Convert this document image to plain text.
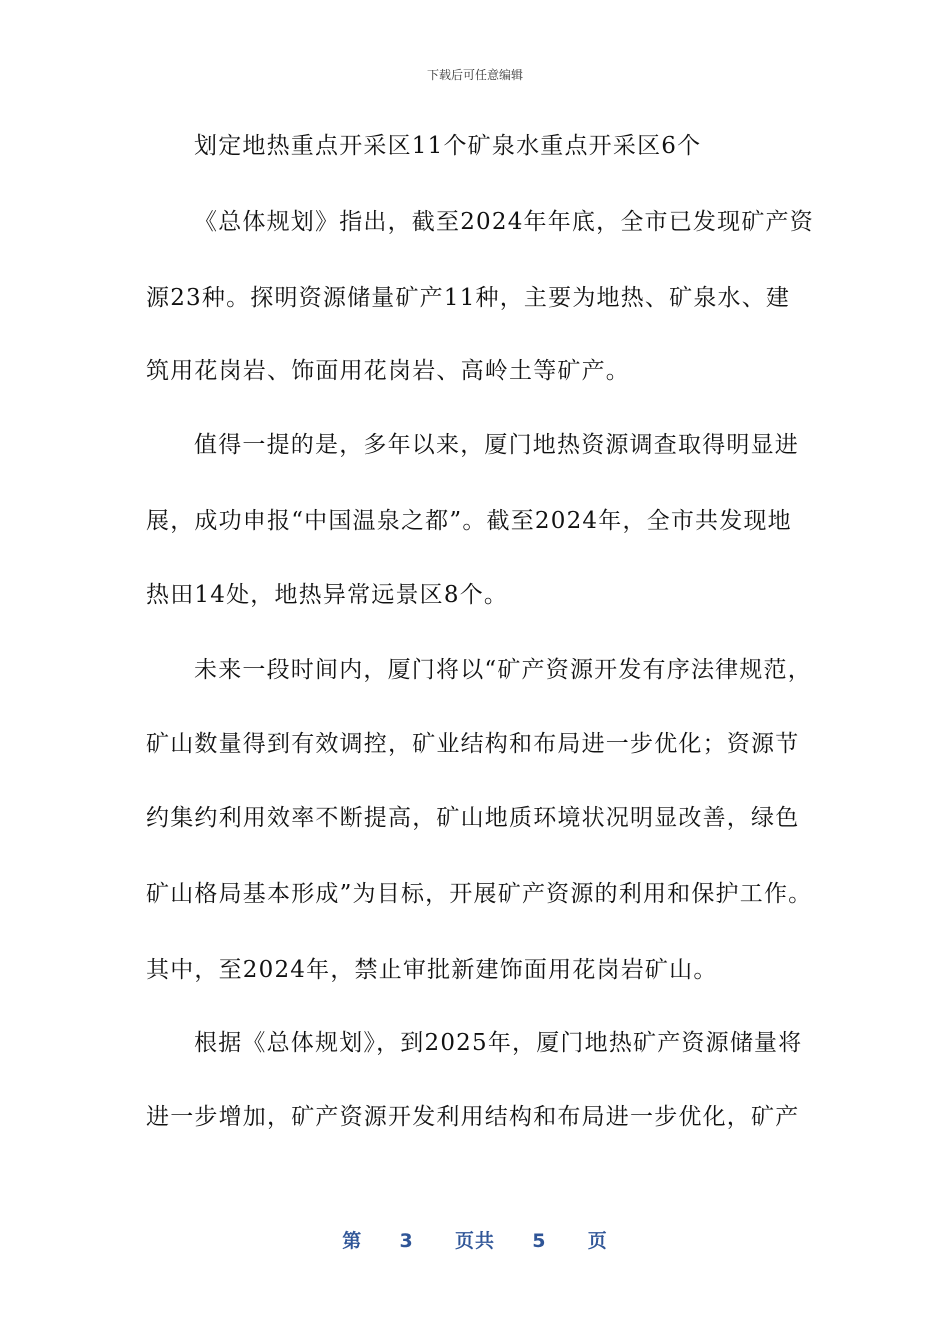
下载后可任意编辑
划定地热重点开采区11个矿泉水重点开采区6个
《总体规划》指出，截至2024年年底，全市已发现矿产资
源23种。探明资源储量矿产11种，主要为地热、矿泉水、建
筑用花岗岩、饰面用花岗岩、高岭土等矿产。
值得一提的是，多年以来，厦门地热资源调查取得明显进
展，成功申报“中国温泉之都”。截至2024年，全市共发现地
热田14处，地热异常远景区8个。
未来一段时间内，厦门将以“矿产资源开发有序法律规范，
矿山数量得到有效调控，矿业结构和布局进一步优化；资源节
约集约利用效率不断提高，矿山地质环境状况明显改善，绿色
矿山格局基本形成”为目标，开展矿产资源的利用和保护工作。
其中，至2024年，禁止审批新建饰面用花岗岩矿山。
根据《总体规划》，到2025年，厦门地热矿产资源储量将
进一步增加，矿产资源开发利用结构和布局进一步优化，矿产
第 3 页共 5 页
